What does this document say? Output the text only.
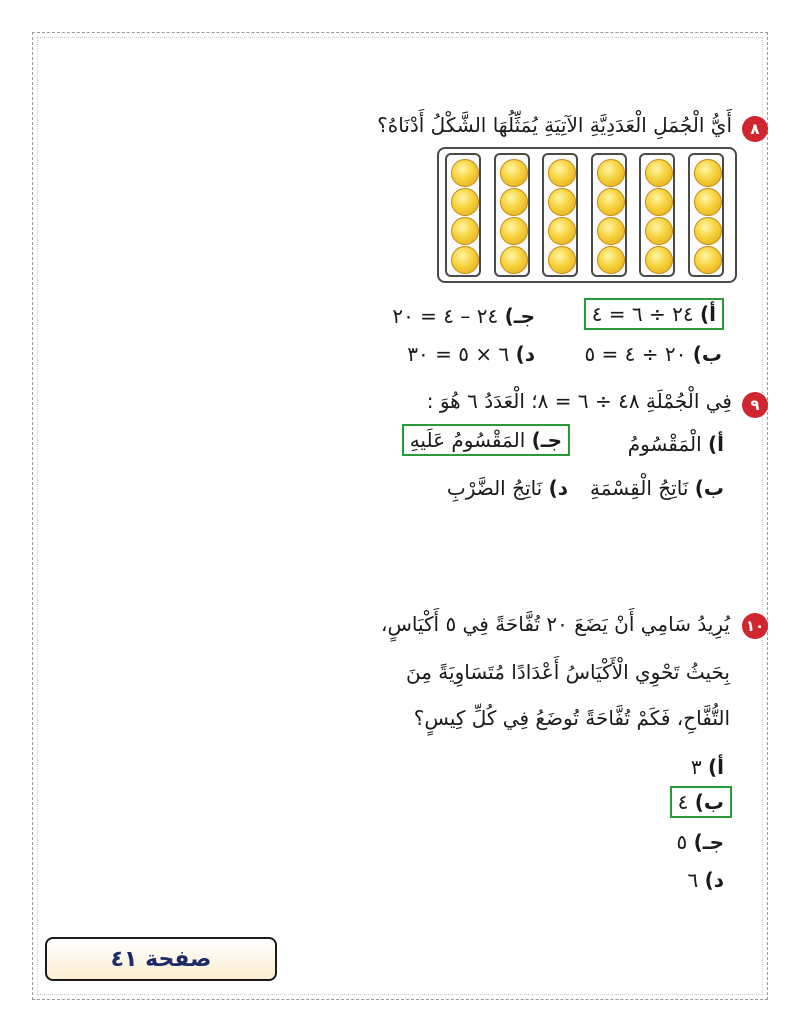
٨
أَيُّ الْجُمَلِ الْعَدَدِيَّةِ الآتِيَةِ يُمَثِّلُهَا الشَّكْلُ أَدْنَاهُ؟
أ) ٢٤ ÷ ٦ = ٤
جـ) ٢٤ – ٤ = ٢٠
ب) ٢٠ ÷ ٤ = ٥
د) ٦ × ٥ = ٣٠
٩
فِي الْجُمْلَةِ ٤٨ ÷ ٦ = ٨؛ الْعَدَدُ ٦ هُوَ :
أ) الْمَقْسُومُ
جـ) المَقْسُومُ عَلَيهِ
ب) نَاتِجُ الْقِسْمَةِ
د) نَاتِجُ الضَّرْبِ
١٠
يُرِيدُ سَامِي أَنْ يَضَعَ ٢٠ تُفَّاحَةً فِي ٥ أَكْيَاسٍ،
بِحَيثُ تَحْوِي الْأَكْيَاسُ أَعْدَادًا مُتَسَاوِيَةً مِنَ
التُّفَّاحِ، فَكَمْ تُفَّاحَةً تُوضَعُ فِي كُلِّ كِيسٍ؟
أ) ٣
ب) ٤
جـ) ٥
د) ٦
صفحة ٤١
